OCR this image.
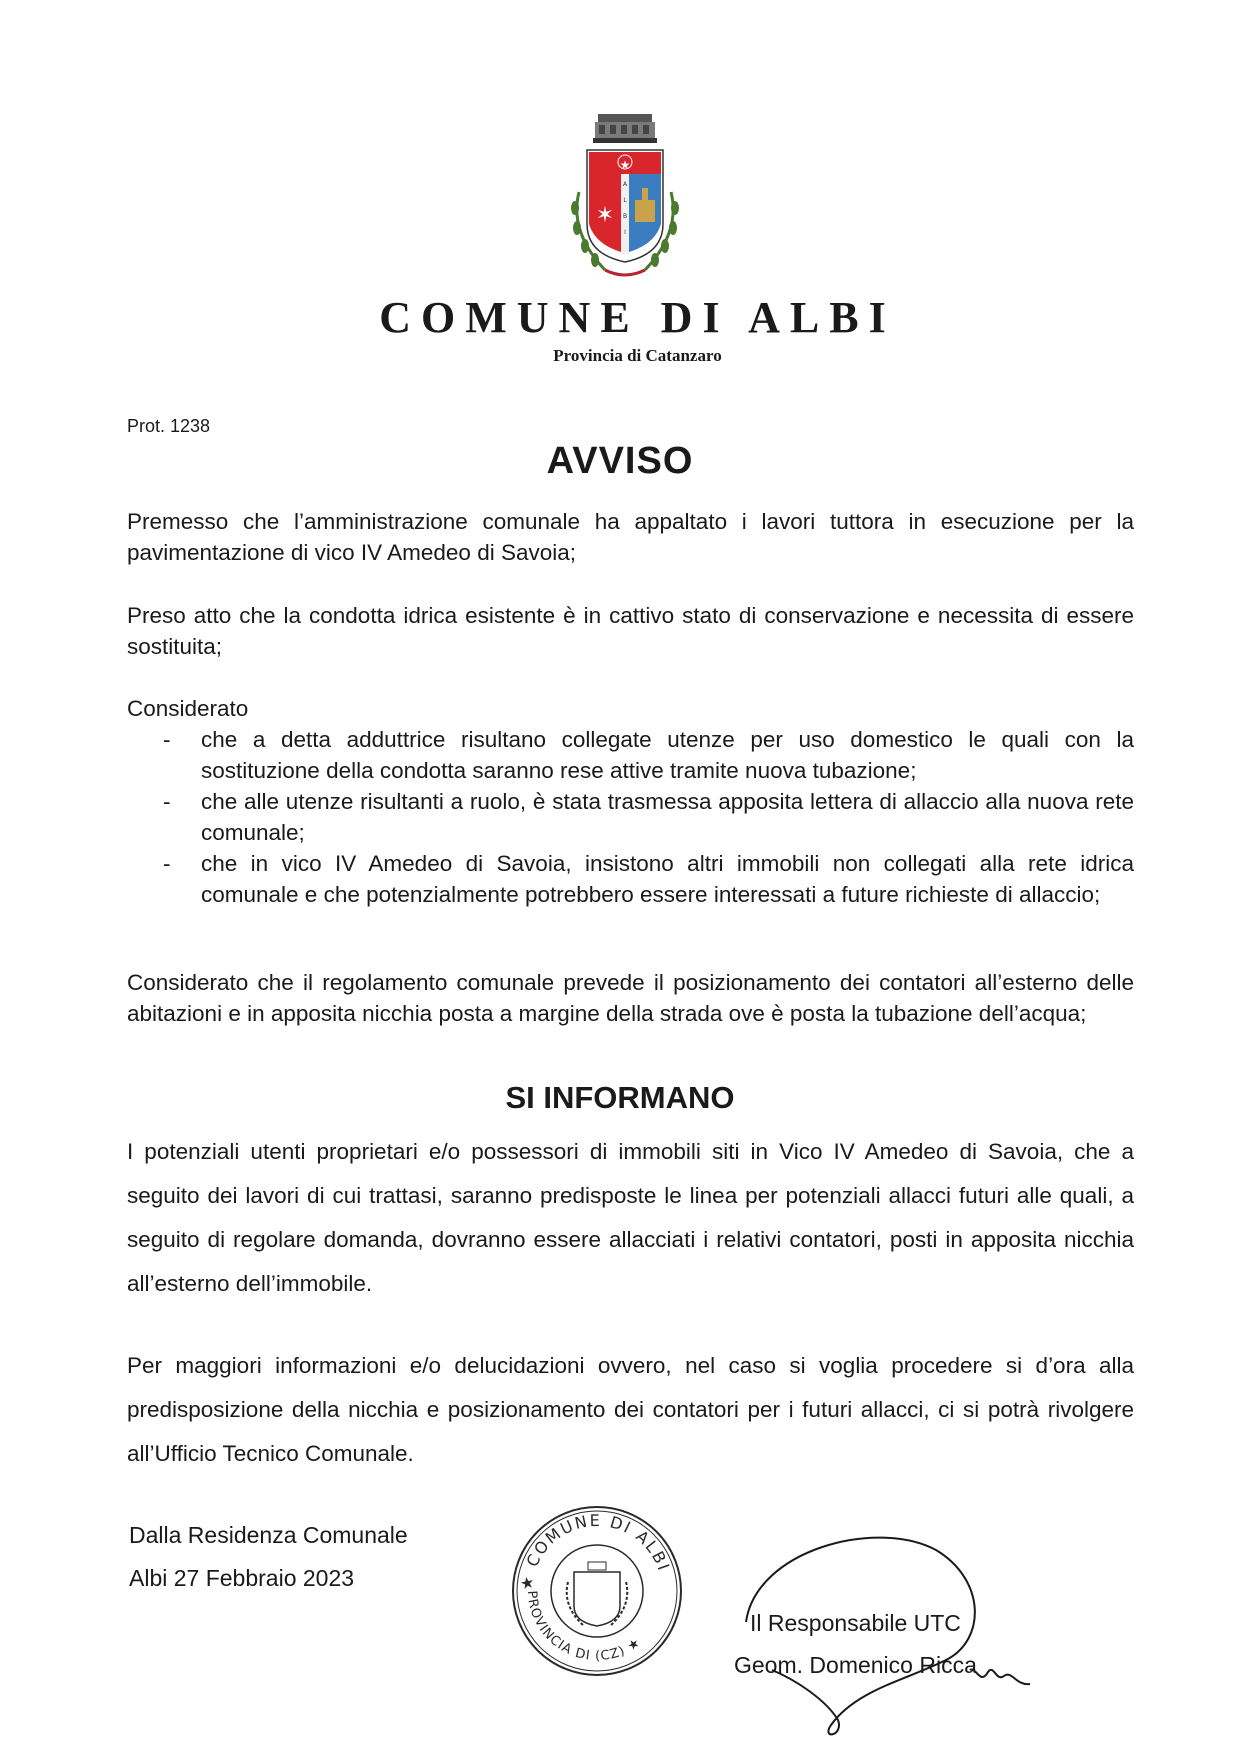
A
L
B
I
★
✶
COMUNE DI ALBI
Provincia di Catanzaro
Prot. 1238
AVVISO
Premesso che l’amministrazione comunale ha appaltato i lavori tuttora in esecuzione per la pavimentazione di vico IV Amedeo di Savoia;
Preso atto che la condotta idrica esistente è in cattivo stato di conservazione e necessita di essere sostituita;
Considerato
- che a detta adduttrice risultano collegate utenze per uso domestico le quali con la sostituzione della condotta saranno rese attive tramite nuova tubazione;
- che alle utenze risultanti a ruolo, è stata trasmessa apposita lettera di allaccio alla nuova rete comunale;
- che in vico IV Amedeo di Savoia, insistono altri immobili non collegati alla rete idrica comunale e che potenzialmente potrebbero essere interessati a future richieste di allaccio;
Considerato che il regolamento comunale prevede il posizionamento dei contatori all’esterno delle abitazioni e in apposita nicchia posta a margine della strada ove è posta la tubazione dell’acqua;
SI INFORMANO
I potenziali utenti proprietari e/o possessori di immobili siti in Vico IV Amedeo di Savoia, che a seguito dei lavori di cui trattasi, saranno predisposte le linea per potenziali allacci futuri alle quali, a seguito di regolare domanda, dovranno essere allacciati i relativi contatori, posti in apposita nicchia all’esterno dell’immobile.
Per maggiori informazioni e/o delucidazioni ovvero, nel caso si voglia procedere si d’ora alla predisposizione della nicchia e posizionamento dei contatori per i futuri allacci, ci si potrà rivolgere all’Ufficio Tecnico Comunale.
Dalla Residenza Comunale
Albi 27 Febbraio 2023	★ COMUNE DI ALBI
PROVINCIA DI (CZ) ★
Il Responsabile UTC
Geom. Domenico Ricca
